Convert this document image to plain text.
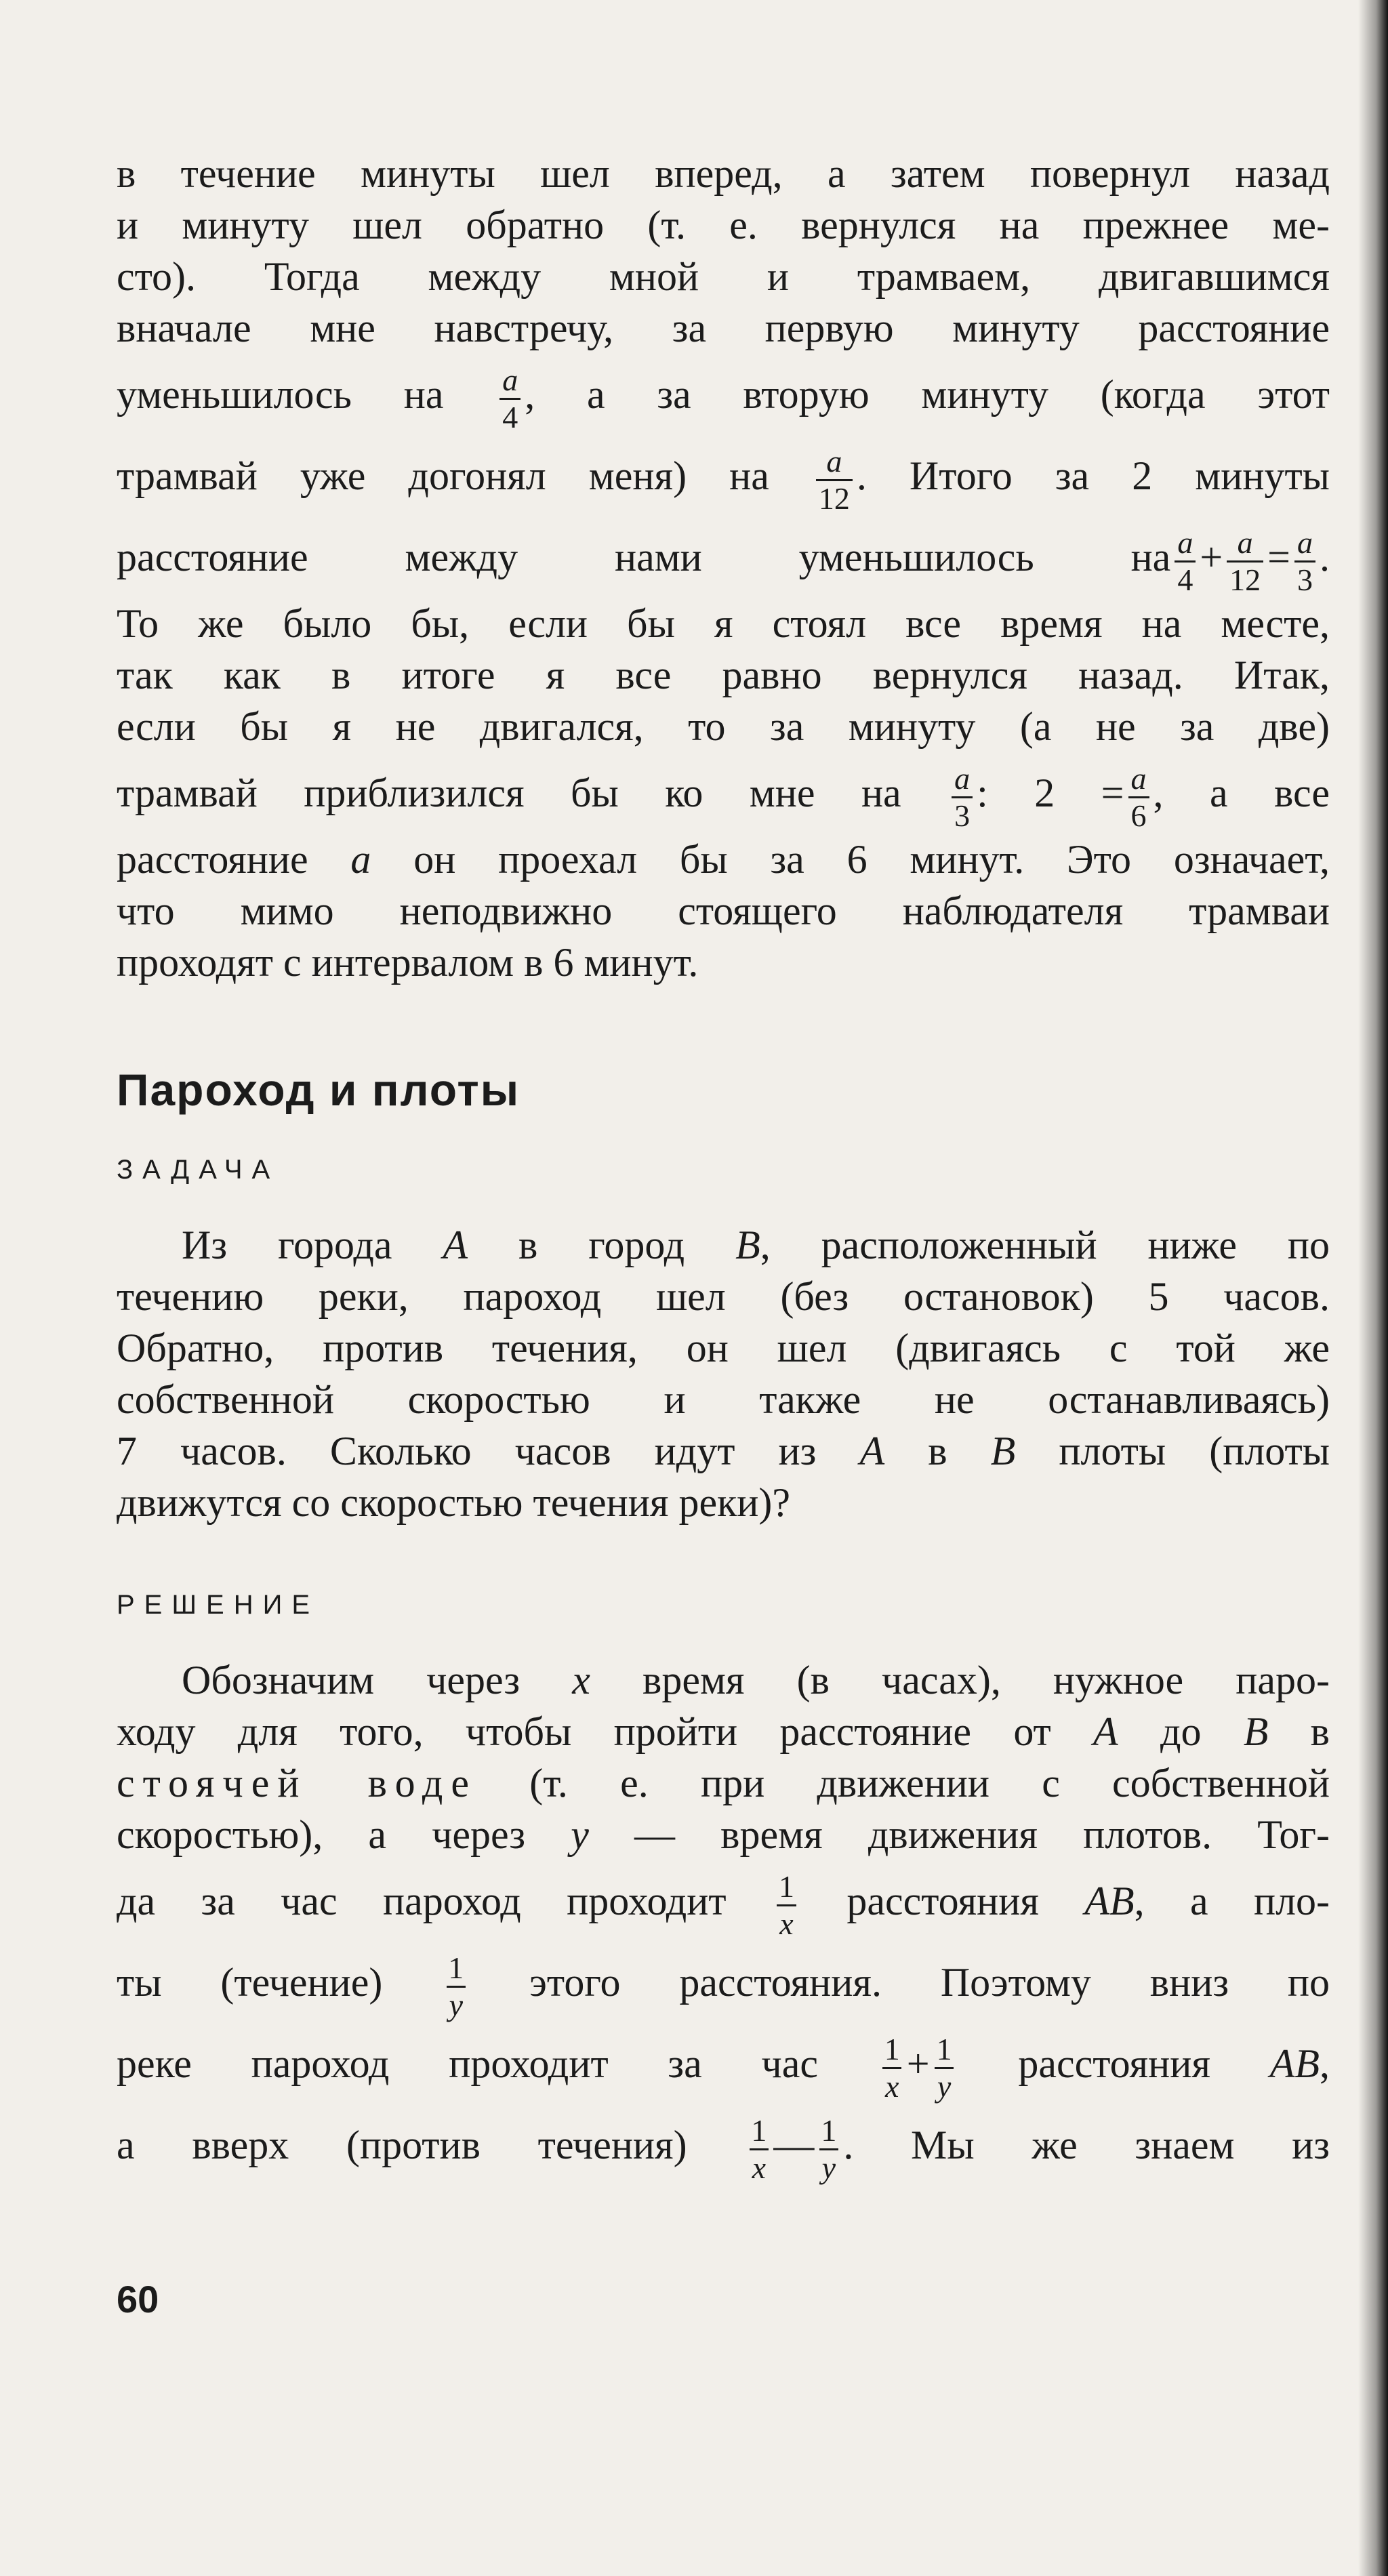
в течение минуты шел вперед, а затем повернул назад
и минуту шел обратно (т. е. вернулся на прежнее ме-
сто). Тогда между мной и трамваем, двигавшимся
вначале мне навстречу, за первую минуту расстояние
уменьшилось на $\frac{a}{4}$ , а за вторую минуту (когда этот
трамвай уже догонял меня) на $\frac{a}{12}$ . Итого за 2 минуты
расстояние между нами уменьшилось на $\frac{a}{4} + \frac{a}{12} = \frac{a}{3}$ .
То же было бы, если бы я стоял все время на месте,
так как в итоге я все равно вернулся назад. Итак,
если бы я не двигался, то за минуту (а не за две)
трамвай приблизился бы ко мне на $\frac{a}{3}$ : $2 = \frac{a}{6}$ , а все
расстояние a он проехал бы за 6 минут. Это означает,
что мимо неподвижно стоящего наблюдателя трамваи
проходят с интервалом в 6 минут.

Пароход и плоты
ЗАДАЧА

Из города A в город B, расположенный ниже по
течению реки, пароход шел (без остановок) 5 часов.
Обратно, против течения, он шел (двигаясь с той же
собственной скоростью и также не останавливаясь)
7 часов. Сколько часов идут из A в B плоты (плоты
движутся со скоростью течения реки)?

РЕШЕНИЕ

Обозначим через x время (в часах), нужное паро-
ходу для того, чтобы пройти расстояние от A до B в
стоячей воде (т. е. при движении с собственной
скоростью), а через y — время движения плотов. Тог-
да за час пароход проходит $\frac{1}{x}$ расстояния AB, а пло-
ты (течение) $\frac{1}{y}$ этого расстояния. Поэтому вниз по
реке пароход проходит за час $\frac{1}{x} + \frac{1}{y}$ расстояния AB,
а вверх (против течения) $\frac{1}{x}$ — $\frac{1}{y}$ . Мы же знаем из

60
